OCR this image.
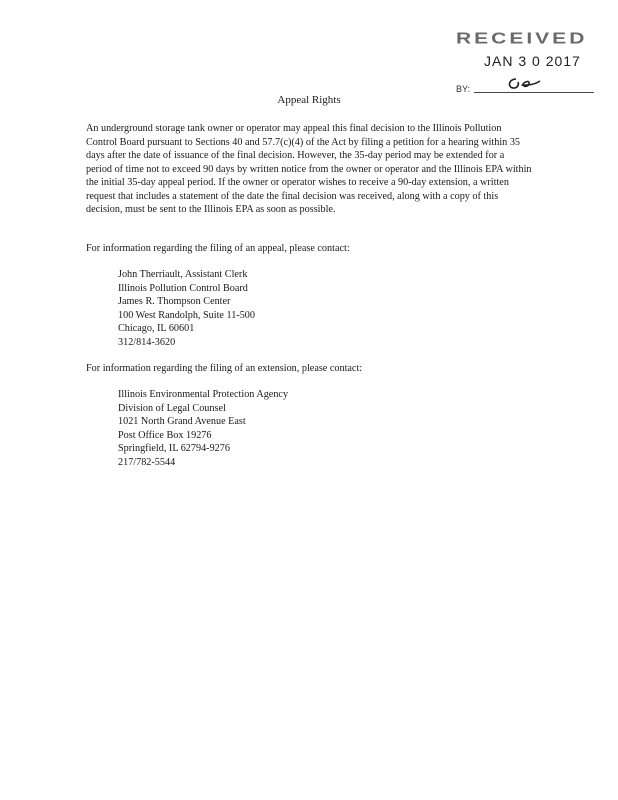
RECEIVED
JAN 3 0 2017
BY:
Appeal Rights
An underground storage tank owner or operator may appeal this final decision to the Illinois Pollution Control Board pursuant to Sections 40 and 57.7(c)(4) of the Act by filing a petition for a hearing within 35 days after the date of issuance of the final decision. However, the 35-day period may be extended for a period of time not to exceed 90 days by written notice from the owner or operator and the Illinois EPA within the initial 35-day appeal period. If the owner or operator wishes to receive a 90-day extension, a written request that includes a statement of the date the final decision was received, along with a copy of this decision, must be sent to the Illinois EPA as soon as possible.
For information regarding the filing of an appeal, please contact:
John Therriault, Assistant Clerk
Illinois Pollution Control Board
James R. Thompson Center
100 West Randolph, Suite 11-500
Chicago, IL 60601
312/814-3620
For information regarding the filing of an extension, please contact:
Illinois Environmental Protection Agency
Division of Legal Counsel
1021 North Grand Avenue East
Post Office Box 19276
Springfield, IL 62794-9276
217/782-5544
